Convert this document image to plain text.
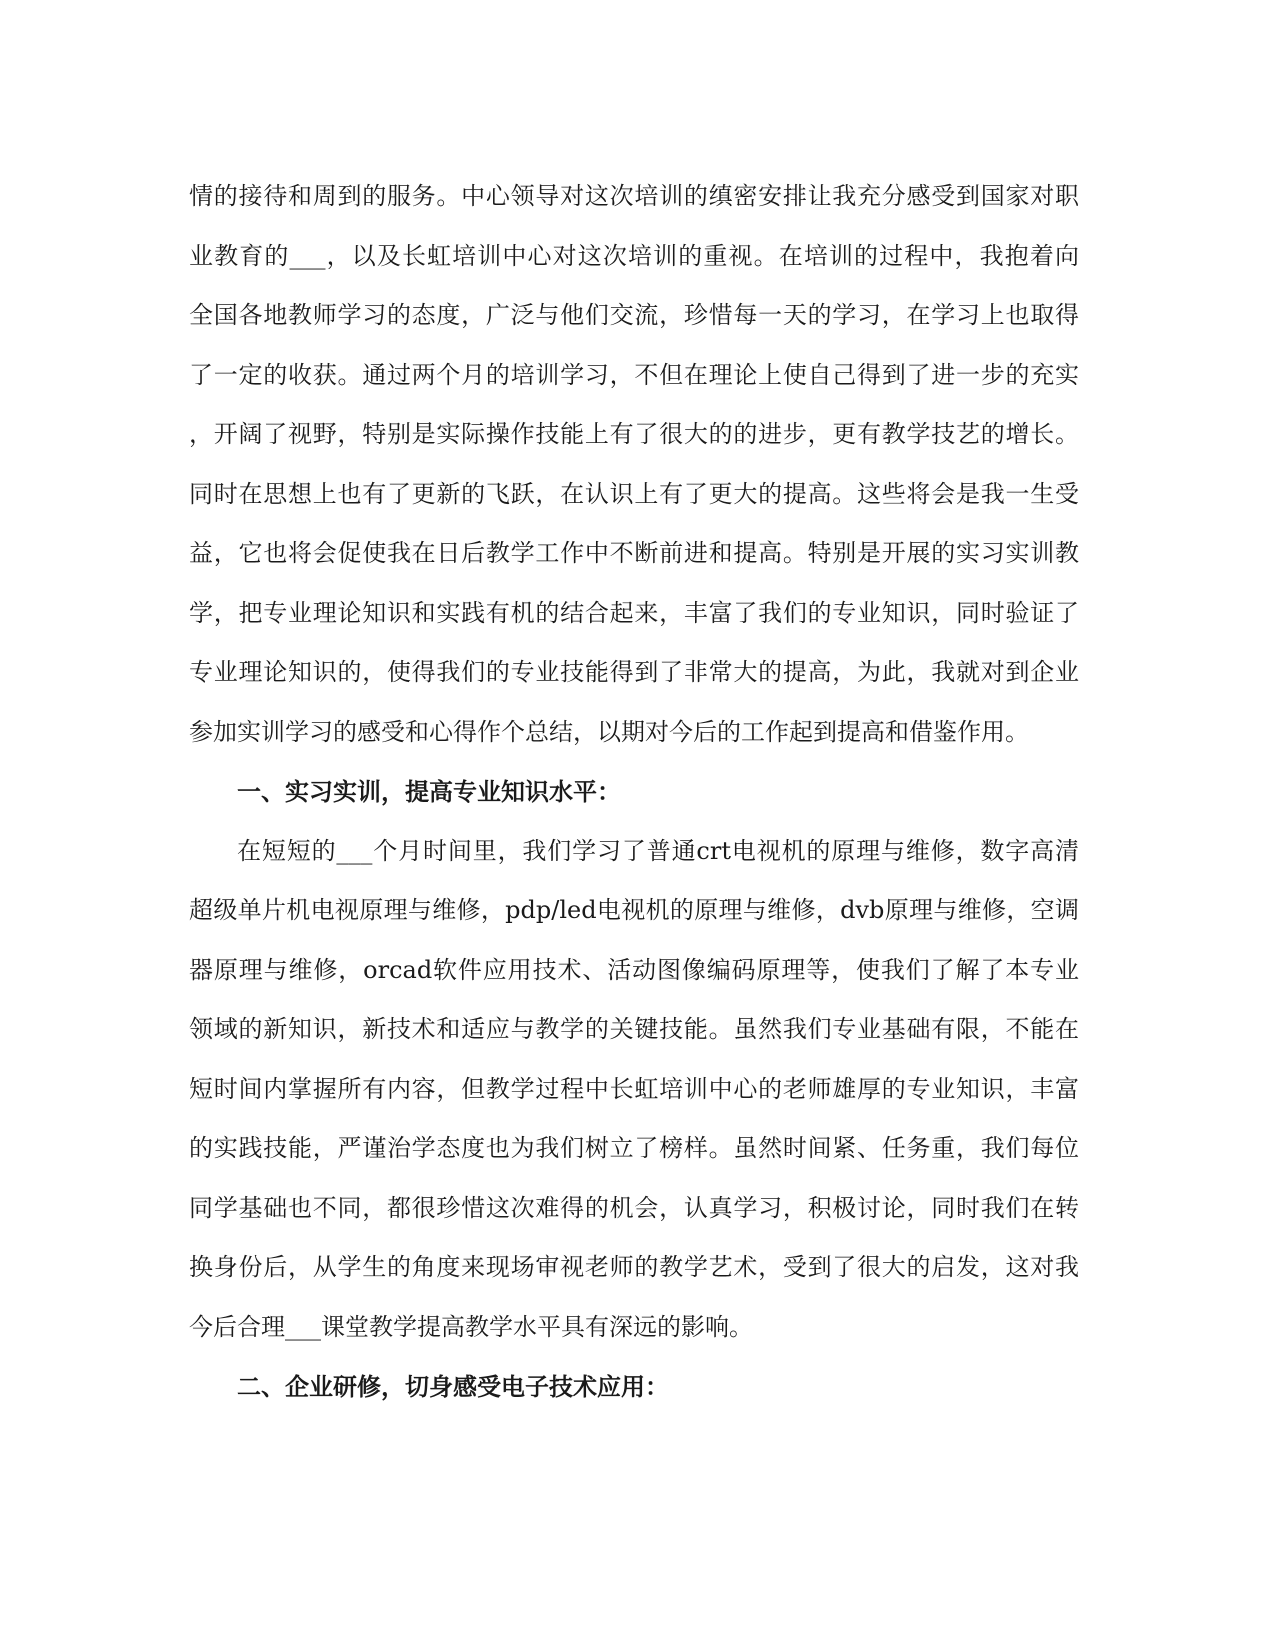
情的接待和周到的服务。中心领导对这次培训的缜密安排让我充分感受到国家对职
业教育的___，以及长虹培训中心对这次培训的重视。在培训的过程中，我抱着向
全国各地教师学习的态度，广泛与他们交流，珍惜每一天的学习，在学习上也取得
了一定的收获。通过两个月的培训学习，不但在理论上使自己得到了进一步的充实
，开阔了视野，特别是实际操作技能上有了很大的的进步，更有教学技艺的增长。
同时在思想上也有了更新的飞跃，在认识上有了更大的提高。这些将会是我一生受
益，它也将会促使我在日后教学工作中不断前进和提高。特别是开展的实习实训教
学，把专业理论知识和实践有机的结合起来，丰富了我们的专业知识，同时验证了
专业理论知识的，使得我们的专业技能得到了非常大的提高，为此，我就对到企业
参加实训学习的感受和心得作个总结，以期对今后的工作起到提高和借鉴作用。
一、实习实训，提高专业知识水平：
在短短的___个月时间里，我们学习了普通crt电视机的原理与维修，数字高清
超级单片机电视原理与维修，pdp/led电视机的原理与维修，dvb原理与维修，空调
器原理与维修，orcad软件应用技术、活动图像编码原理等，使我们了解了本专业
领域的新知识，新技术和适应与教学的关键技能。虽然我们专业基础有限，不能在
短时间内掌握所有内容，但教学过程中长虹培训中心的老师雄厚的专业知识，丰富
的实践技能，严谨治学态度也为我们树立了榜样。虽然时间紧、任务重，我们每位
同学基础也不同，都很珍惜这次难得的机会，认真学习，积极讨论，同时我们在转
换身份后，从学生的角度来现场审视老师的教学艺术，受到了很大的启发，这对我
今后合理___课堂教学提高教学水平具有深远的影响。
二、企业研修，切身感受电子技术应用：
